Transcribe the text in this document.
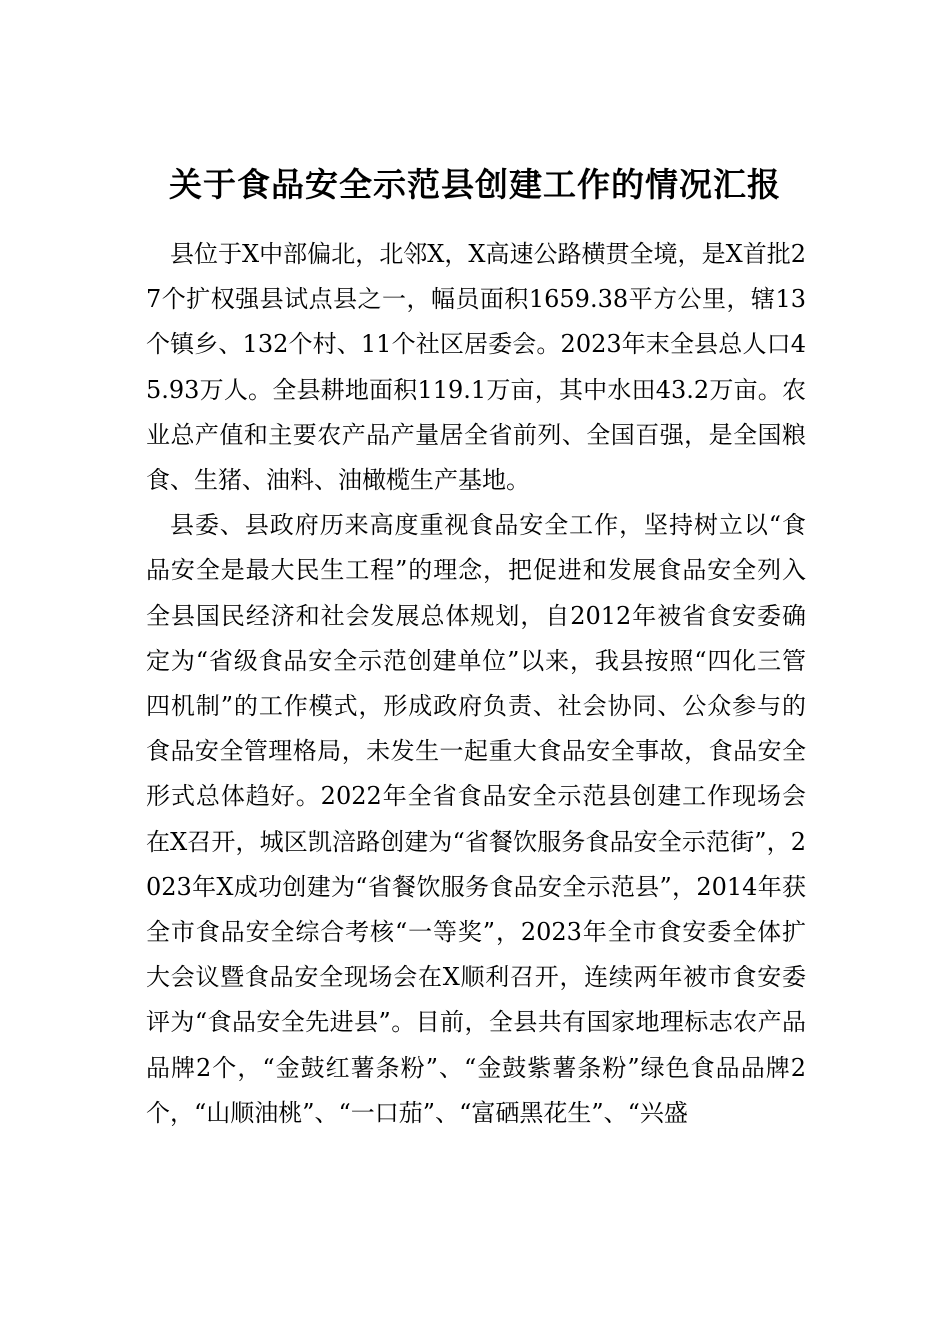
关于食品安全示范县创建工作的情况汇报

县位于X中部偏北，北邻X，X高速公路横贯全境，是X首批27个扩权强县试点县之一，幅员面积1659.38平方公里，辖13个镇乡、132个村、11个社区居委会。2023年末全县总人口45.93万人。全县耕地面积119.1万亩，其中水田43.2万亩。农业总产值和主要农产品产量居全省前列、全国百强，是全国粮食、生猪、油料、油橄榄生产基地。

县委、县政府历来高度重视食品安全工作，坚持树立以“食品安全是最大民生工程”的理念，把促进和发展食品安全列入全县国民经济和社会发展总体规划，自2012年被省食安委确定为“省级食品安全示范创建单位”以来，我县按照“四化三管四机制”的工作模式，形成政府负责、社会协同、公众参与的食品安全管理格局，未发生一起重大食品安全事故，食品安全形式总体趋好。2022年全省食品安全示范县创建工作现场会在X召开，城区凯涪路创建为“省餐饮服务食品安全示范街”，2023年X成功创建为“省餐饮服务食品安全示范县”，2014年获全市食品安全综合考核“一等奖”，2023年全市食安委全体扩大会议暨食品安全现场会在X顺利召开，连续两年被市食安委评为“食品安全先进县”。目前，全县共有国家地理标志农产品品牌2个，“金鼓红薯条粉”、“金鼓紫薯条粉”绿色食品品牌2个，“山顺油桃”、“一口茄”、“富硒黑花生”、“兴盛
